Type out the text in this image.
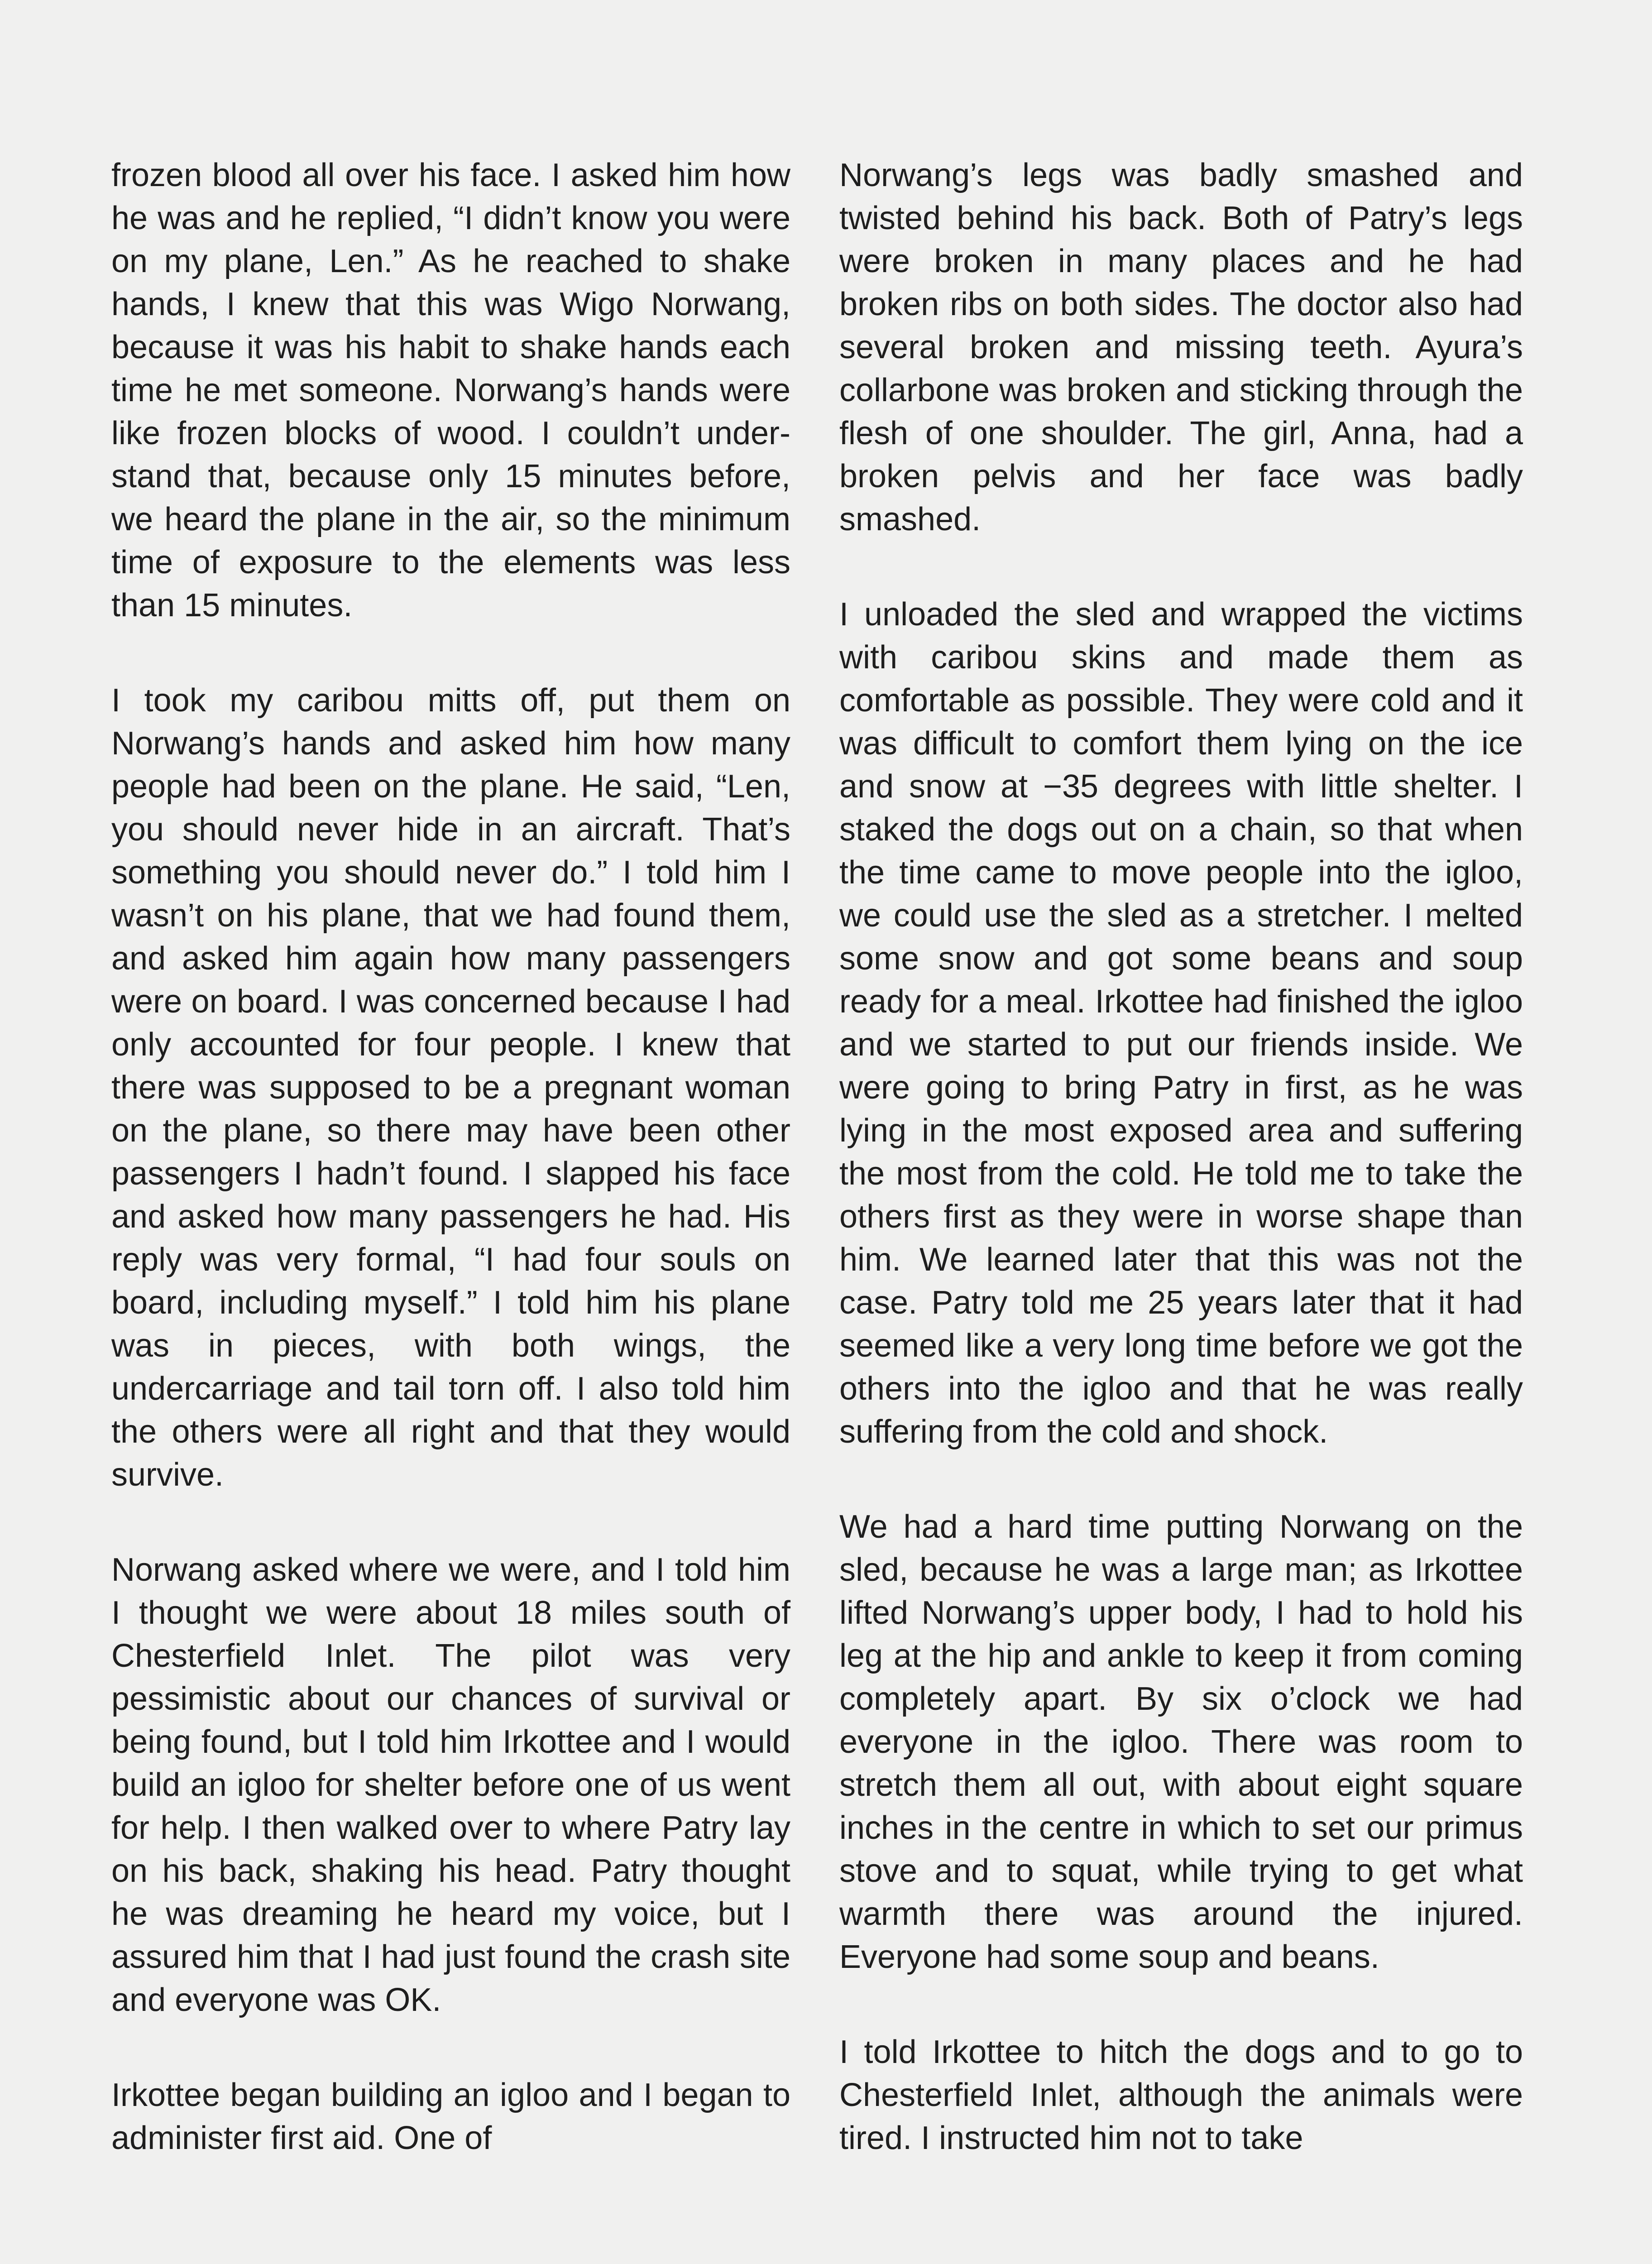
frozen blood all over his face. I asked him how he was and he replied, “I didn’t know you were on my plane, Len.” As he reached to shake hands, I knew that this was Wigo Norwang, because it was his habit to shake hands each time he met someone. Norwang’s hands were like frozen blocks of wood. I couldn’t understand that, because only 15 minutes before, we heard the plane in the air, so the minimum time of exposure to the elements was less than 15 minutes.

I took my caribou mitts off, put them on Norwang’s hands and asked him how many people had been on the plane. He said, “Len, you should never hide in an aircraft. That’s something you should never do.” I told him I wasn’t on his plane, that we had found them, and asked him again how many passengers were on board. I was concerned because I had only accounted for four people. I knew that there was supposed to be a pregnant woman on the plane, so there may have been other passengers I hadn’t found. I slapped his face and asked how many passengers he had. His reply was very formal, “I had four souls on board, including myself.” I told him his plane was in pieces, with both wings, the undercarriage and tail torn off. I also told him the others were all right and that they would survive.

Norwang asked where we were, and I told him I thought we were about 18 miles south of Chesterfield Inlet. The pilot was very pessimistic about our chances of survival or being found, but I told him Irkottee and I would build an igloo for shelter before one of us went for help. I then walked over to where Patry lay on his back, shaking his head. Patry thought he was dreaming he heard my voice, but I assured him that I had just found the crash site and everyone was OK.

Irkottee began building an igloo and I began to administer first aid. One of

Norwang’s legs was badly smashed and twisted behind his back. Both of Patry’s legs were broken in many places and he had broken ribs on both sides. The doctor also had several broken and missing teeth. Ayura’s collarbone was broken and sticking through the flesh of one shoulder. The girl, Anna, had a broken pelvis and her face was badly smashed.

I unloaded the sled and wrapped the victims with caribou skins and made them as comfortable as possible. They were cold and it was difficult to comfort them lying on the ice and snow at −35 degrees with little shelter. I staked the dogs out on a chain, so that when the time came to move people into the igloo, we could use the sled as a stretcher. I melted some snow and got some beans and soup ready for a meal. Irkottee had finished the igloo and we started to put our friends inside. We were going to bring Patry in first, as he was lying in the most exposed area and suffering the most from the cold. He told me to take the others first as they were in worse shape than him. We learned later that this was not the case. Patry told me 25 years later that it had seemed like a very long time before we got the others into the igloo and that he was really suffering from the cold and shock.

We had a hard time putting Norwang on the sled, because he was a large man; as Irkottee lifted Norwang’s upper body, I had to hold his leg at the hip and ankle to keep it from coming completely apart. By six o’clock we had everyone in the igloo. There was room to stretch them all out, with about eight square inches in the centre in which to set our primus stove and to squat, while trying to get what warmth there was around the injured. Everyone had some soup and beans.

I told Irkottee to hitch the dogs and to go to Chesterfield Inlet, although the animals were tired. I instructed him not to take
